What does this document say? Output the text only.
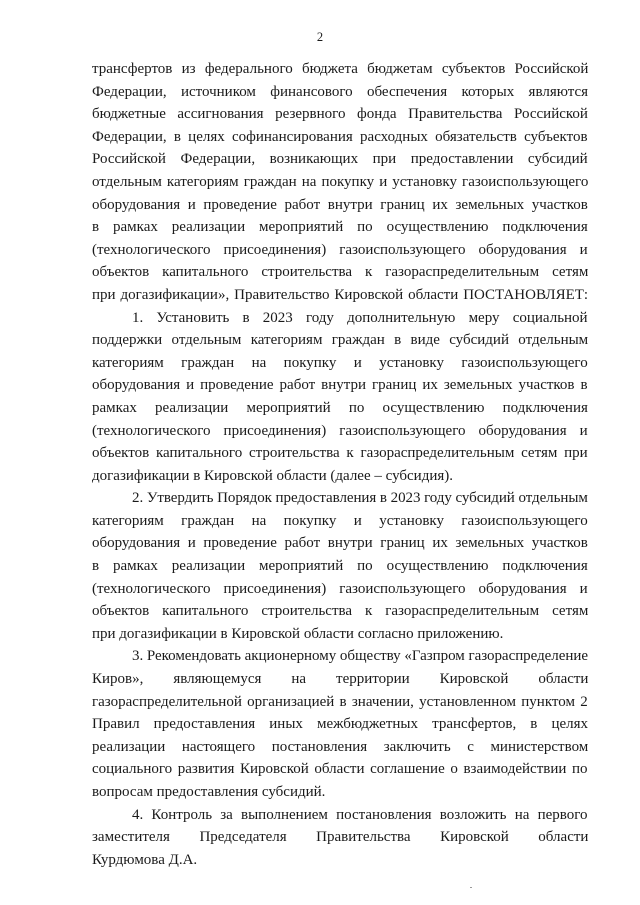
2
трансфертов из федерального бюджета бюджетам субъектов Российской
Федерации, источником финансового обеспечения которых являются
бюджетные ассигнования резервного фонда Правительства Российской
Федерации, в целях софинансирования расходных обязательств субъектов
Российской Федерации, возникающих при предоставлении субсидий
отдельным категориям граждан на покупку и установку газоиспользующего
оборудования и проведение работ внутри границ их земельных участков
в рамках реализации мероприятий по осуществлению подключения
(технологического присоединения) газоиспользующего оборудования и
объектов капитального строительства к газораспределительным сетям
при догазификации», Правительство Кировской области ПОСТАНОВЛЯЕТ:
1. Установить в 2023 году дополнительную меру социальной
поддержки отдельным категориям граждан в виде субсидий отдельным
категориям граждан на покупку и установку газоиспользующего
оборудования и проведение работ внутри границ их земельных участков в
рамках реализации мероприятий по осуществлению подключения
(технологического присоединения) газоиспользующего оборудования и
объектов капитального строительства к газораспределительным сетям при
догазификации в Кировской области (далее – субсидия).
2. Утвердить Порядок предоставления в 2023 году субсидий отдельным
категориям граждан на покупку и установку газоиспользующего
оборудования и проведение работ внутри границ их земельных участков
в рамках реализации мероприятий по осуществлению подключения
(технологического присоединения) газоиспользующего оборудования и
объектов капитального строительства к газораспределительным сетям
при догазификации в Кировской области согласно приложению.
3. Рекомендовать акционерному обществу «Газпром газораспределение
Киров», являющемуся на территории Кировской области
газораспределительной организацией в значении, установленном пунктом 2
Правил предоставления иных межбюджетных трансфертов, в целях
реализации настоящего постановления заключить с министерством
социального развития Кировской области соглашение о взаимодействии по
вопросам предоставления субсидий.
4. Контроль за выполнением постановления возложить на первого
заместителя Председателя Правительства Кировской области
Курдюмова Д.А.
